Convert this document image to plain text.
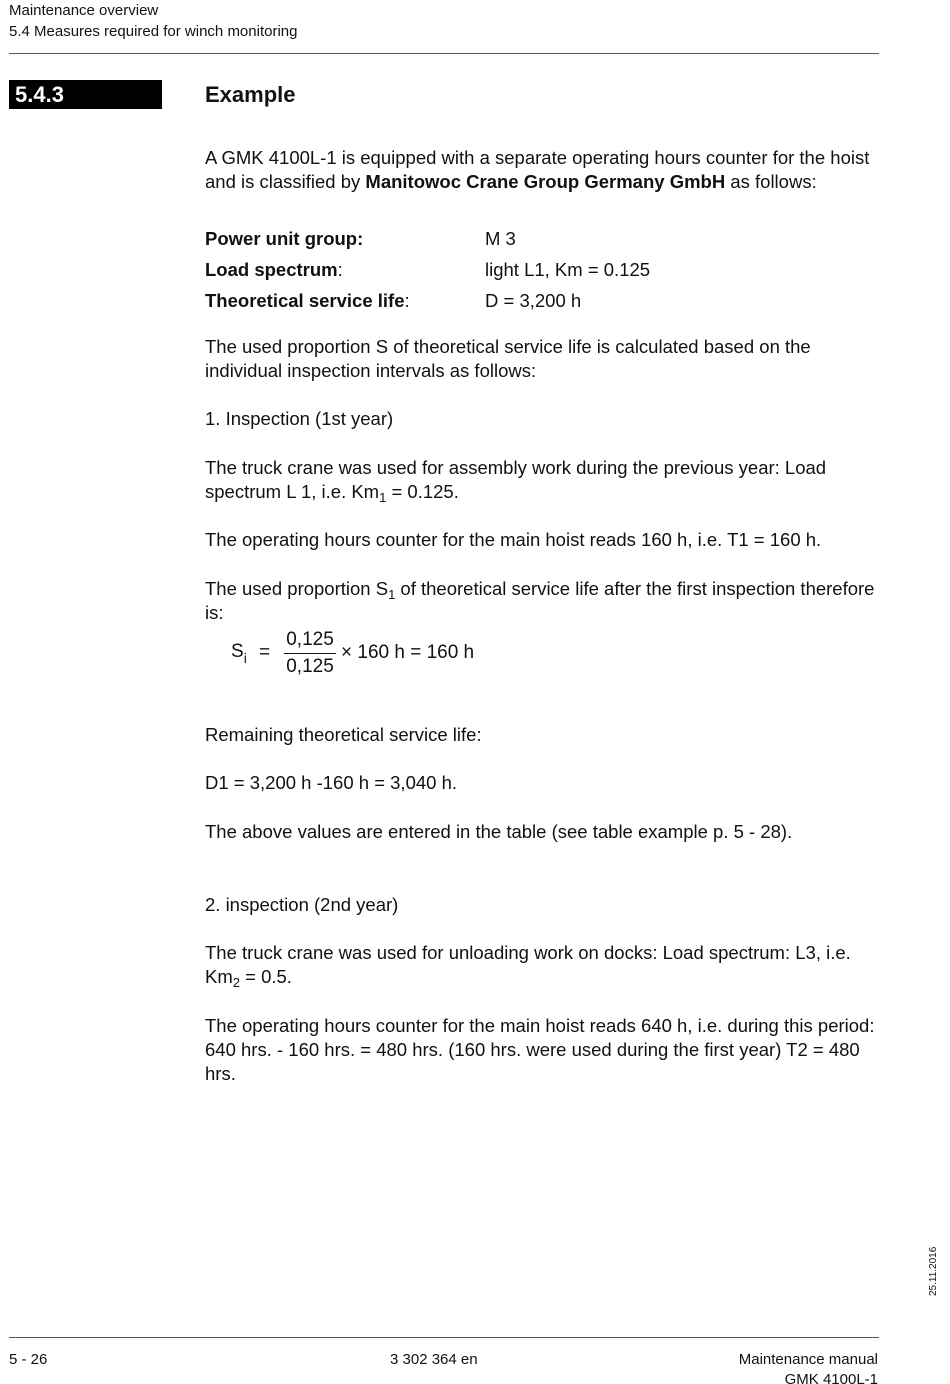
Maintenance overview
5.4 Measures required for winch monitoring
5.4.3	Example

A GMK 4100L-1 is equipped with a separate operating hours counter for the hoist and is classified by Manitowoc Crane Group Germany GmbH as follows:

Power unit group:	M 3
Load spectrum:	light L1, Km = 0.125
Theoretical service life:	D = 3,200 h

The used proportion S of theoretical service life is calculated based on the individual inspection intervals as follows:

1. Inspection (1st year)

The truck crane was used for assembly work during the previous year: Load spectrum L 1, i.e. $Km_1 = 0.125$.

The operating hours counter for the main hoist reads 160 h, i.e. T1 = 160 h.

The used proportion $S_1$ of theoretical service life after the first inspection therefore is:

$S_i$ =
0,125
0,125
× 160 h = 160 h

Remaining theoretical service life:

D1 = 3,200 h -160 h = 3,040 h.

The above values are entered in the table (see table example p. 5 - 28).

2. inspection (2nd year)

The truck crane was used for unloading work on docks: Load spectrum: L3, i.e. $Km_2 = 0.5$.

The operating hours counter for the main hoist reads 640 h, i.e. during this period: 640 hrs. - 160 hrs. = 480 hrs. (160 hrs. were used during the first year) T2 = 480 hrs.

25.11.2016
5 - 26	3 302 364 en	Maintenance manual
GMK 4100L-1
